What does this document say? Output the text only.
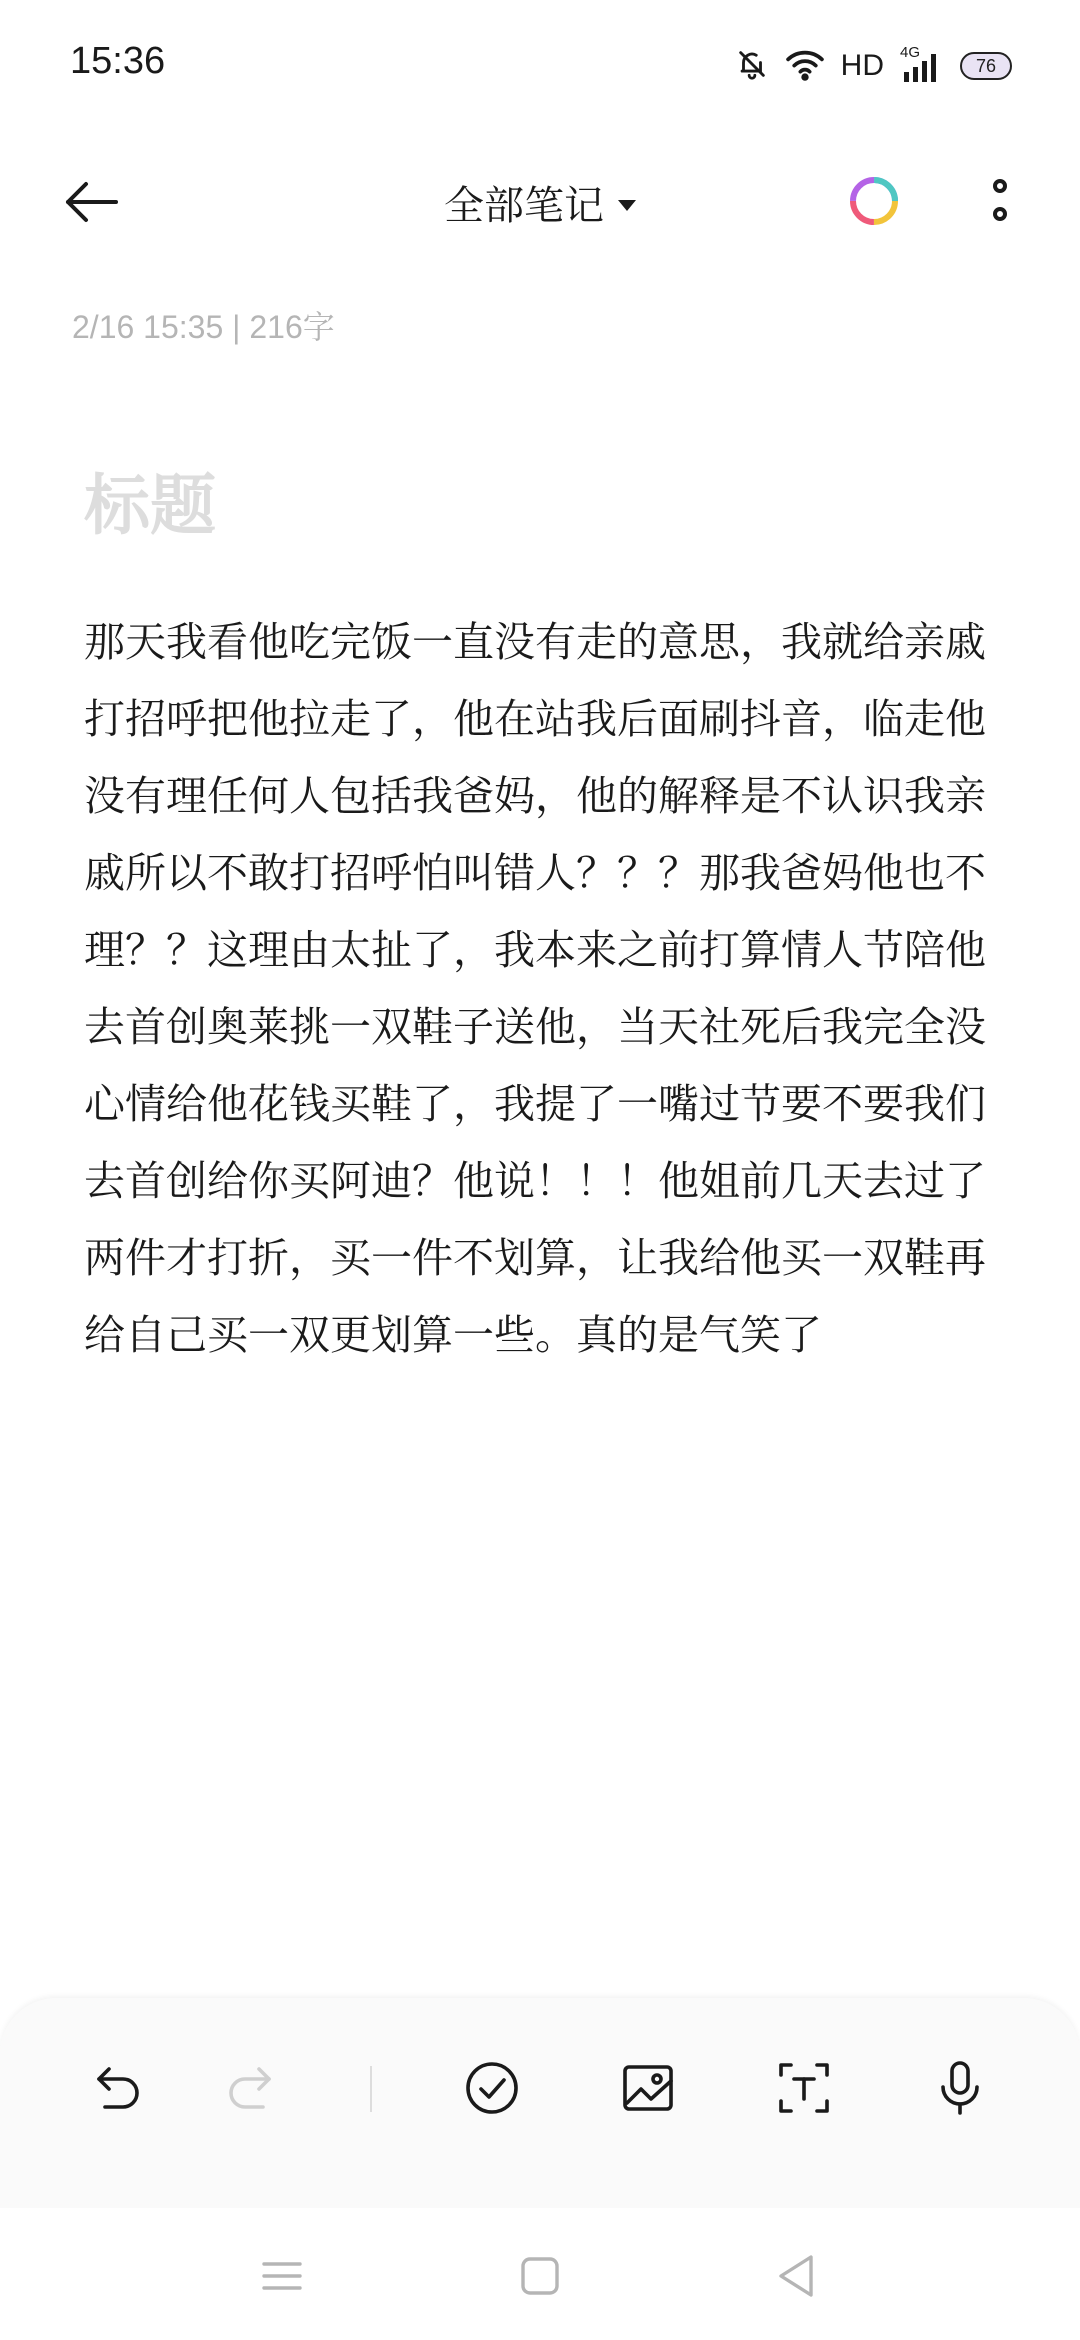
15:36	HD 4G
76
全部笔记
2/16 15:35 | 216字
标题
那天我看他吃完饭一直没有走的意思，我就给亲戚打招呼把他拉走了，他在站我后面刷抖音，临走他没有理任何人包括我爸妈，他的解释是不认识我亲戚所以不敢打招呼怕叫错人？？？那我爸妈他也不理？？这理由太扯了，我本来之前打算情人节陪他去首创奥莱挑一双鞋子送他，当天社死后我完全没心情给他花钱买鞋了，我提了一嘴过节要不要我们去首创给你买阿迪？他说！！！他姐前几天去过了两件才打折，买一件不划算，让我给他买一双鞋再给自己买一双更划算一些。真的是气笑了
